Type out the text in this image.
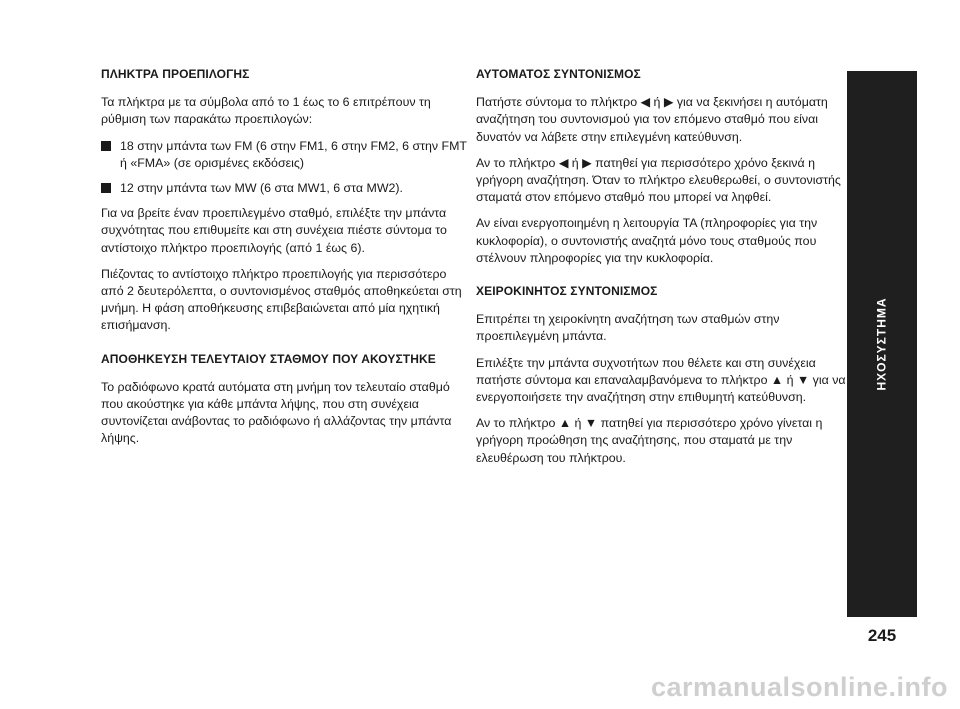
ΠΛΗΚΤΡΑ ΠΡΟΕΠΙΛΟΓΗΣ
Τα πλήκτρα με τα σύμβολα από το 1 έως το 6 επιτρέπουν τη ρύθμιση των παρακάτω προεπιλογών:
18 στην μπάντα των FM (6 στην FM1, 6 στην FM2, 6 στην FMT ή «FMA» (σε ορισμένες εκδόσεις)
12 στην μπάντα των MW (6 στα MW1, 6 στα MW2).
Για να βρείτε έναν προεπιλεγμένο σταθμό, επιλέξτε την μπάντα συχνότητας που επιθυμείτε και στη συνέχεια πιέστε σύντομα το αντίστοιχο πλήκτρο προεπιλογής (από 1 έως 6).
Πιέζοντας το αντίστοιχο πλήκτρο προεπιλογής για περισσότερο από 2 δευτερόλεπτα, ο συντονισμένος σταθμός αποθηκεύεται στη μνήμη. Η φάση αποθήκευσης επιβεβαιώνεται από μία ηχητική επισήμανση.
ΑΠΟΘΗΚΕΥΣΗ ΤΕΛΕΥΤΑΙΟΥ ΣΤΑΘΜΟΥ ΠΟΥ ΑΚΟΥΣΤΗΚΕ
Το ραδιόφωνο κρατά αυτόματα στη μνήμη τον τελευταίο σταθμό που ακούστηκε για κάθε μπάντα λήψης, που στη συνέχεια συντονίζεται ανάβοντας το ραδιόφωνο ή αλλάζοντας την μπάντα λήψης.
ΑΥΤΟΜΑΤΟΣ ΣΥΝΤΟΝΙΣΜΟΣ
Πατήστε σύντομα το πλήκτρο ◀ ή ▶ για να ξεκινήσει η αυτόματη αναζήτηση του συντονισμού για τον επόμενο σταθμό που είναι δυνατόν να λάβετε στην επιλεγμένη κατεύθυνση.
Αν το πλήκτρο ◀ ή ▶ πατηθεί για περισσότερο χρόνο ξεκινά η γρήγορη αναζήτηση. Όταν το πλήκτρο ελευθερωθεί, ο συντονιστής σταματά στον επόμενο σταθμό που μπορεί να ληφθεί.
Αν είναι ενεργοποιημένη η λειτουργία TA (πληροφορίες για την κυκλοφορία), ο συντονιστής αναζητά μόνο τους σταθμούς που στέλνουν πληροφορίες για την κυκλοφορία.
ΧΕΙΡΟΚΙΝΗΤΟΣ ΣΥΝΤΟΝΙΣΜΟΣ
Επιτρέπει τη χειροκίνητη αναζήτηση των σταθμών στην προεπιλεγμένη μπάντα.
Επιλέξτε την μπάντα συχνοτήτων που θέλετε και στη συνέχεια πατήστε σύντομα και επαναλαμβανόμενα το πλήκτρο ▲ ή ▼ για να ενεργοποιήσετε την αναζήτηση στην επιθυμητή κατεύθυνση.
Αν το πλήκτρο ▲ ή ▼ πατηθεί για περισσότερο χρόνο γίνεται η γρήγορη προώθηση της αναζήτησης, που σταματά με την ελευθέρωση του πλήκτρου.
ΗΧΟΣΥΣΤΗΜΑ
245
carmanualsonline.info
